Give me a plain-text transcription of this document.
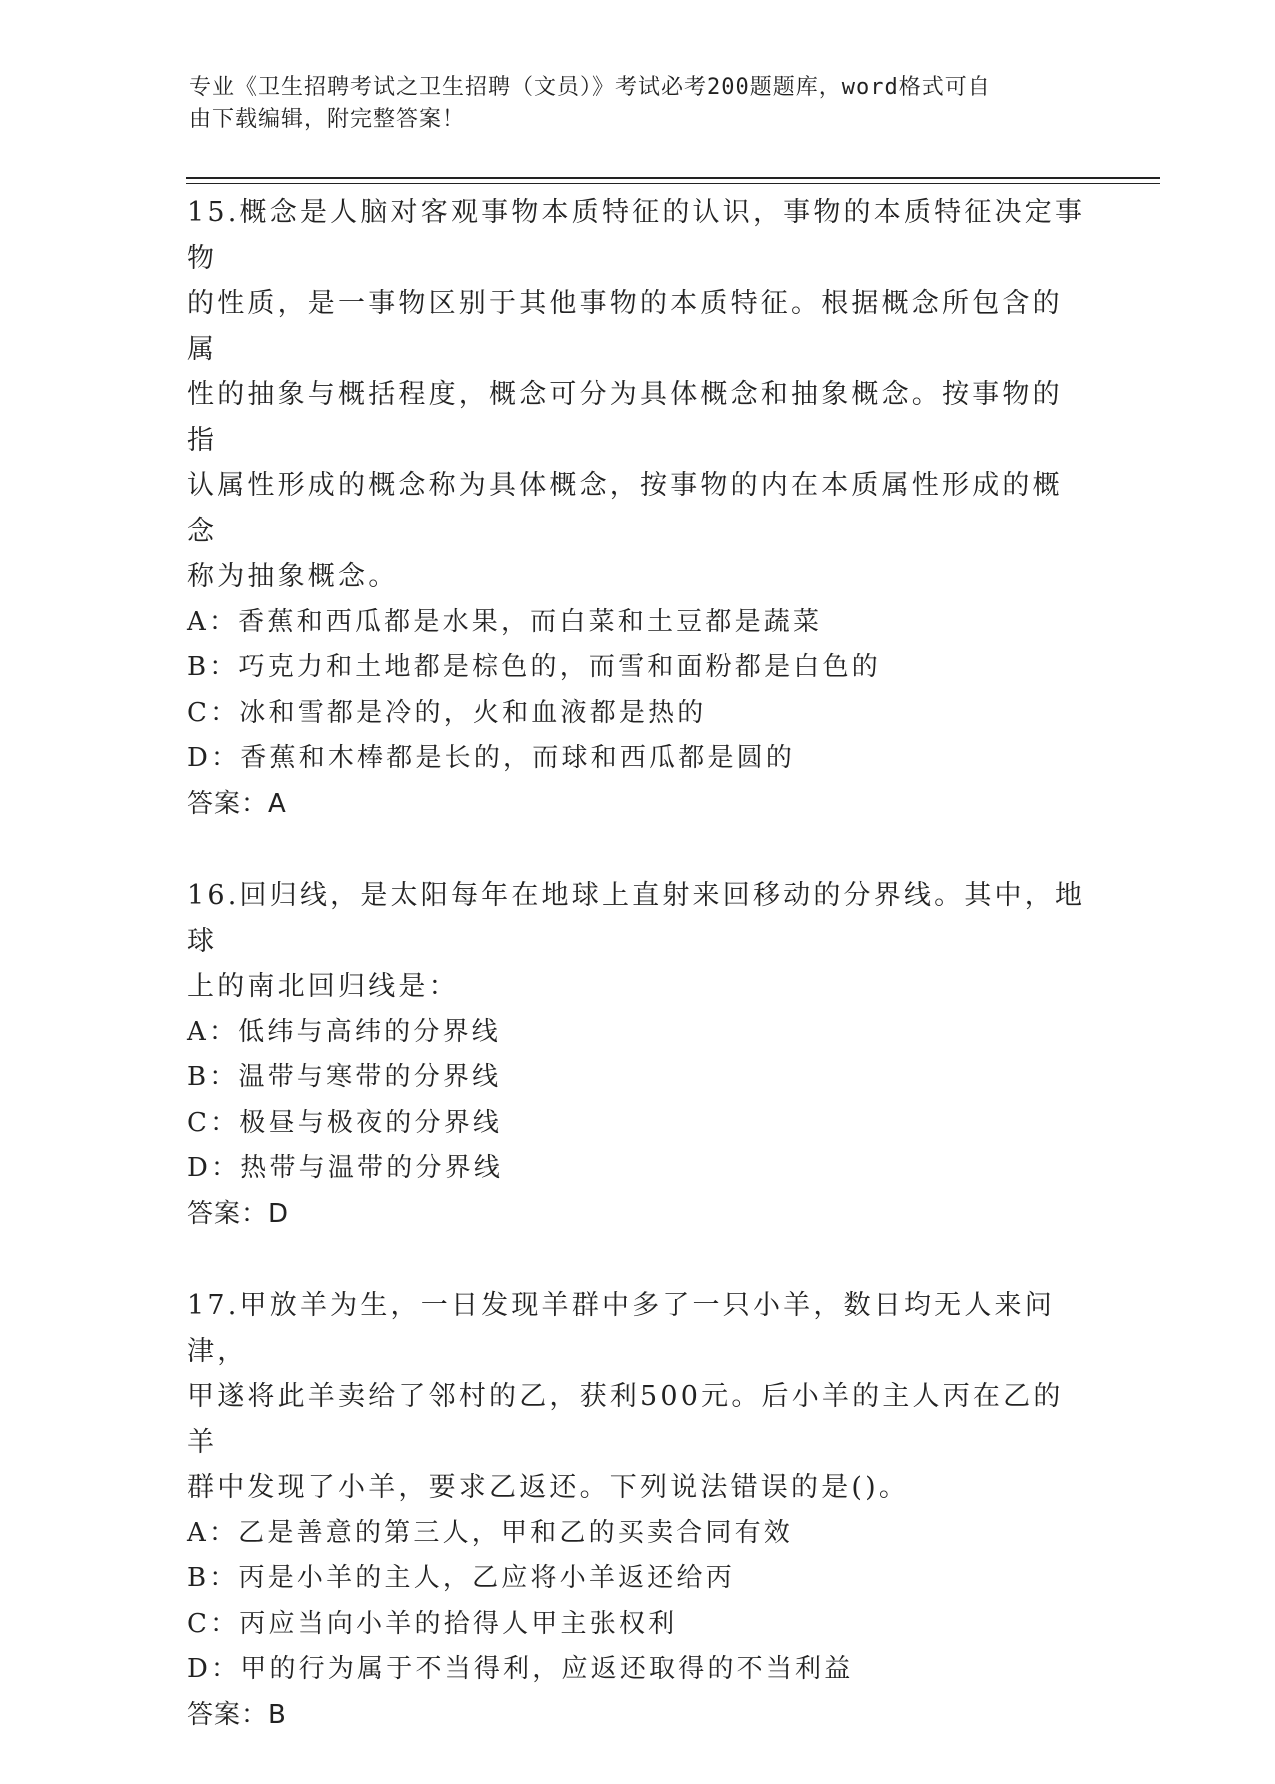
专业《卫生招聘考试之卫生招聘（文员）》考试必考200题题库，word格式可自
由下载编辑，附完整答案！
15.概念是人脑对客观事物本质特征的认识，事物的本质特征决定事物
的性质，是一事物区别于其他事物的本质特征。根据概念所包含的属
性的抽象与概括程度，概念可分为具体概念和抽象概念。按事物的指
认属性形成的概念称为具体概念，按事物的内在本质属性形成的概念
称为抽象概念。
A：香蕉和西瓜都是水果，而白菜和土豆都是蔬菜
B：巧克力和土地都是棕色的，而雪和面粉都是白色的
C：冰和雪都是冷的，火和血液都是热的
D：香蕉和木棒都是长的，而球和西瓜都是圆的
答案：A
16.回归线，是太阳每年在地球上直射来回移动的分界线。其中，地球
上的南北回归线是：
A：低纬与高纬的分界线
B：温带与寒带的分界线
C：极昼与极夜的分界线
D：热带与温带的分界线
答案：D
17.甲放羊为生，一日发现羊群中多了一只小羊，数日均无人来问津，
甲遂将此羊卖给了邻村的乙，获利500元。后小羊的主人丙在乙的羊
群中发现了小羊，要求乙返还。下列说法错误的是()。
A：乙是善意的第三人，甲和乙的买卖合同有效
B：丙是小羊的主人，乙应将小羊返还给丙
C：丙应当向小羊的拾得人甲主张权利
D：甲的行为属于不当得利，应返还取得的不当利益
答案：B
